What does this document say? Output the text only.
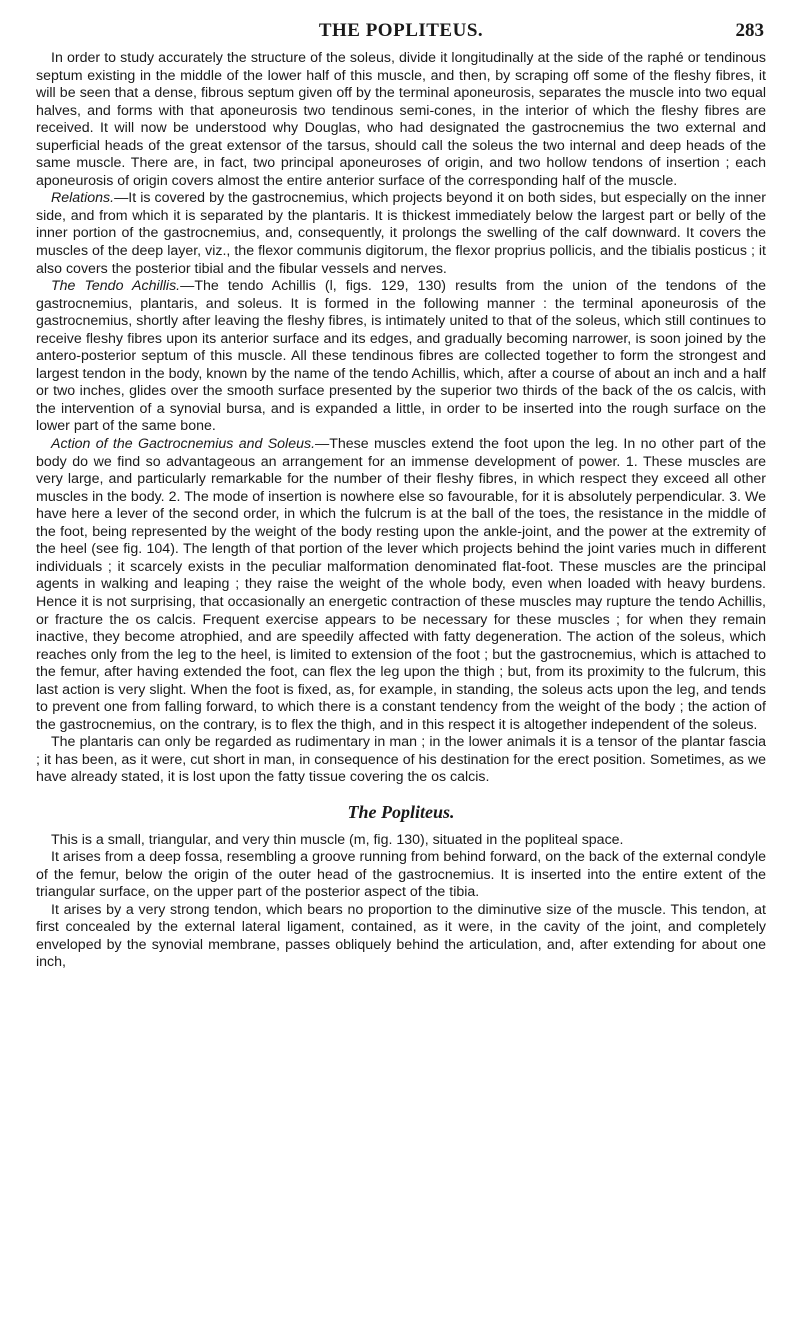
THE POPLITEUS.	283

In order to study accurately the structure of the soleus, divide it longitudinally at the side of the raphé or tendinous septum existing in the middle of the lower half of this muscle, and then, by scraping off some of the fleshy fibres, it will be seen that a dense, fibrous septum given off by the terminal aponeurosis, separates the muscle into two equal halves, and forms with that aponeurosis two tendinous semi-cones, in the interior of which the fleshy fibres are received. It will now be understood why Douglas, who had designated the gastrocnemius the two external and superficial heads of the great extensor of the tarsus, should call the soleus the two internal and deep heads of the same muscle. There are, in fact, two principal aponeuroses of origin, and two hollow tendons of insertion ; each aponeurosis of origin covers almost the entire anterior surface of the corresponding half of the muscle.

Relations.—It is covered by the gastrocnemius, which projects beyond it on both sides, but especially on the inner side, and from which it is separated by the plantaris. It is thickest immediately below the largest part or belly of the inner portion of the gastrocnemius, and, consequently, it prolongs the swelling of the calf downward. It covers the muscles of the deep layer, viz., the flexor communis digitorum, the flexor proprius pollicis, and the tibialis posticus ; it also covers the posterior tibial and the fibular vessels and nerves.

The Tendo Achillis.—The tendo Achillis (l, figs. 129, 130) results from the union of the tendons of the gastrocnemius, plantaris, and soleus. It is formed in the following manner : the terminal aponeurosis of the gastrocnemius, shortly after leaving the fleshy fibres, is intimately united to that of the soleus, which still continues to receive fleshy fibres upon its anterior surface and its edges, and gradually becoming narrower, is soon joined by the antero-posterior septum of this muscle. All these tendinous fibres are collected together to form the strongest and largest tendon in the body, known by the name of the tendo Achillis, which, after a course of about an inch and a half or two inches, glides over the smooth surface presented by the superior two thirds of the back of the os calcis, with the intervention of a synovial bursa, and is expanded a little, in order to be inserted into the rough surface on the lower part of the same bone.

Action of the Gactrocnemius and Soleus.—These muscles extend the foot upon the leg. In no other part of the body do we find so advantageous an arrangement for an immense development of power. 1. These muscles are very large, and particularly remarkable for the number of their fleshy fibres, in which respect they exceed all other muscles in the body. 2. The mode of insertion is nowhere else so favourable, for it is absolutely perpendicular. 3. We have here a lever of the second order, in which the fulcrum is at the ball of the toes, the resistance in the middle of the foot, being represented by the weight of the body resting upon the ankle-joint, and the power at the extremity of the heel (see fig. 104). The length of that portion of the lever which projects behind the joint varies much in different individuals ; it scarcely exists in the peculiar malformation denominated flat-foot. These muscles are the principal agents in walking and leaping ; they raise the weight of the whole body, even when loaded with heavy burdens. Hence it is not surprising, that occasionally an energetic contraction of these muscles may rupture the tendo Achillis, or fracture the os calcis. Frequent exercise appears to be necessary for these muscles ; for when they remain inactive, they become atrophied, and are speedily affected with fatty degeneration. The action of the soleus, which reaches only from the leg to the heel, is limited to extension of the foot ; but the gastrocnemius, which is attached to the femur, after having extended the foot, can flex the leg upon the thigh ; but, from its proximity to the fulcrum, this last action is very slight. When the foot is fixed, as, for example, in standing, the soleus acts upon the leg, and tends to prevent one from falling forward, to which there is a constant tendency from the weight of the body ; the action of the gastrocnemius, on the contrary, is to flex the thigh, and in this respect it is altogether independent of the soleus.

The plantaris can only be regarded as rudimentary in man ; in the lower animals it is a tensor of the plantar fascia ; it has been, as it were, cut short in man, in consequence of his destination for the erect position. Sometimes, as we have already stated, it is lost upon the fatty tissue covering the os calcis.

The Popliteus.

This is a small, triangular, and very thin muscle (m, fig. 130), situated in the popliteal space.

It arises from a deep fossa, resembling a groove running from behind forward, on the back of the external condyle of the femur, below the origin of the outer head of the gastrocnemius. It is inserted into the entire extent of the triangular surface, on the upper part of the posterior aspect of the tibia.

It arises by a very strong tendon, which bears no proportion to the diminutive size of the muscle. This tendon, at first concealed by the external lateral ligament, contained, as it were, in the cavity of the joint, and completely enveloped by the synovial membrane, passes obliquely behind the articulation, and, after extending for about one inch,
